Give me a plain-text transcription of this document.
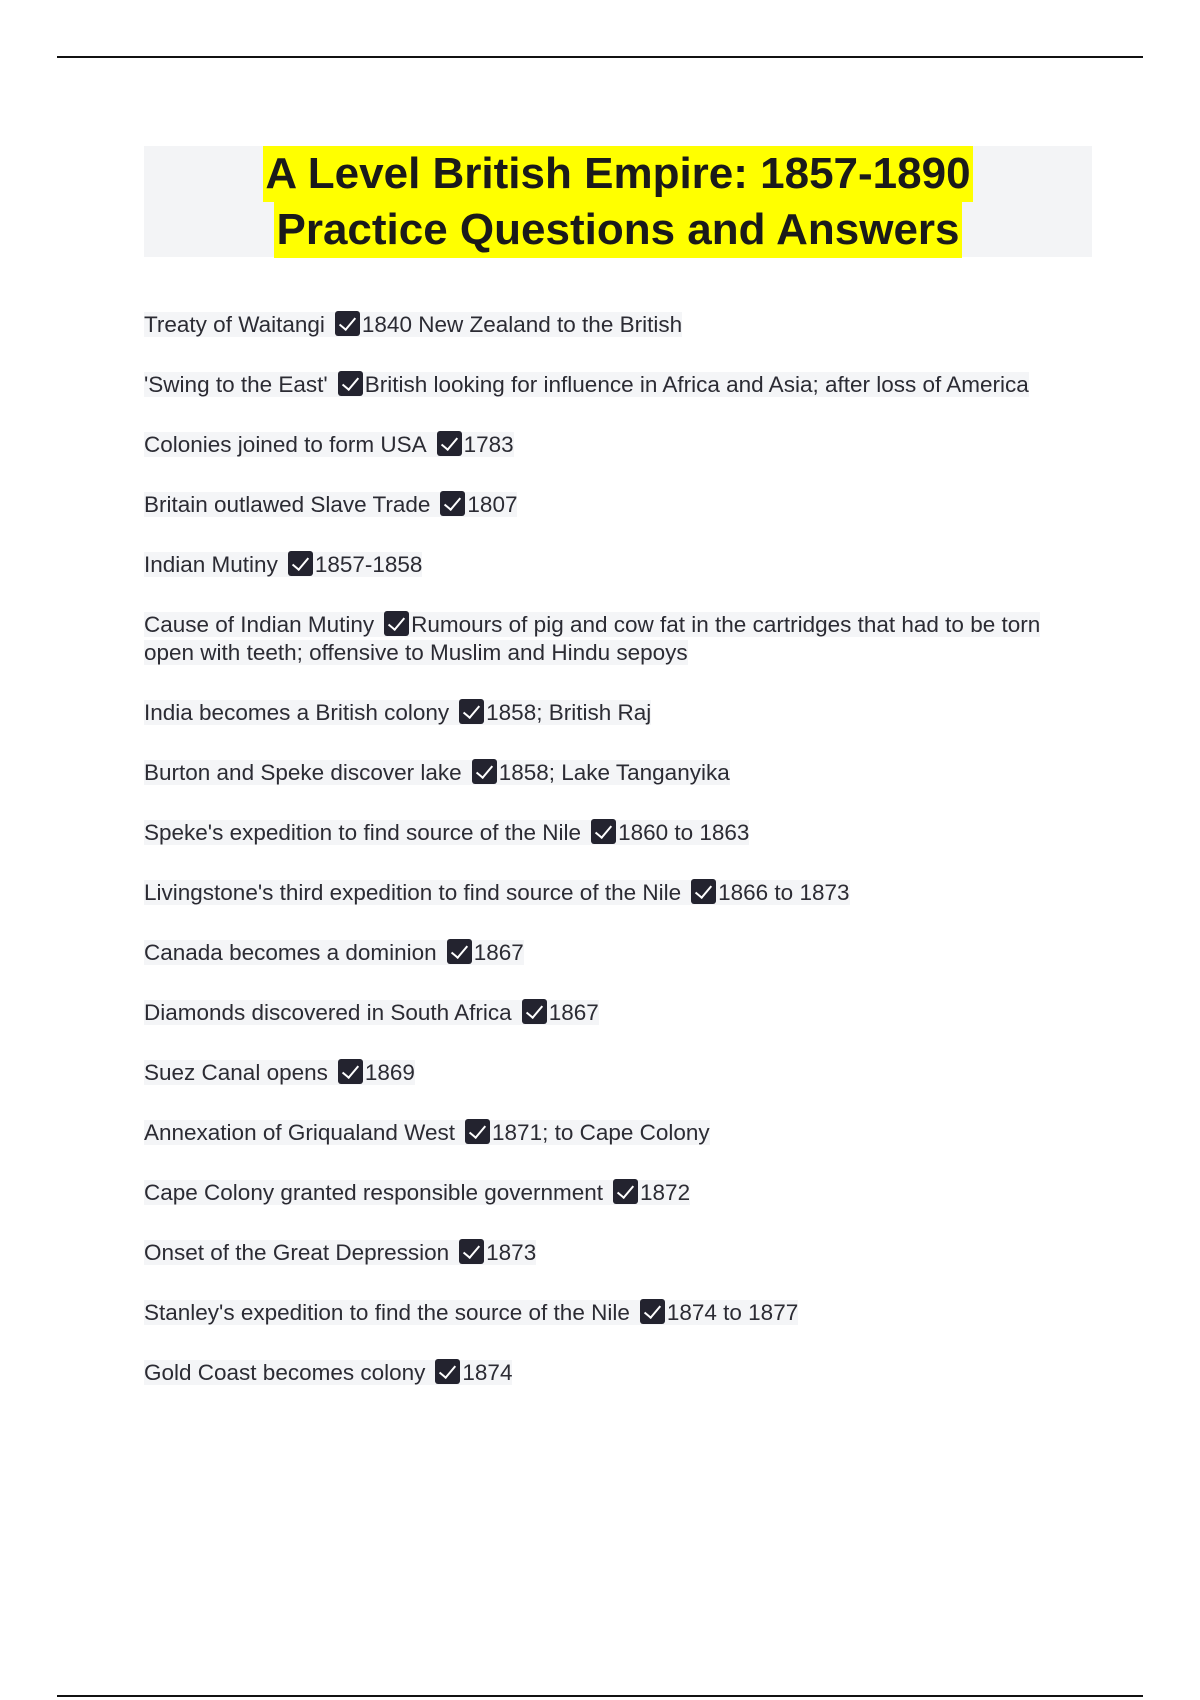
A Level British Empire: 1857-1890
Practice Questions and Answers
Treaty of Waitangi 1840 New Zealand to the British
'Swing to the East' British looking for influence in Africa and Asia; after loss of America
Colonies joined to form USA 1783
Britain outlawed Slave Trade 1807
Indian Mutiny 1857-1858
Cause of Indian Mutiny Rumours of pig and cow fat in the cartridges that had to be torn open with teeth; offensive to Muslim and Hindu sepoys
India becomes a British colony 1858; British Raj
Burton and Speke discover lake 1858; Lake Tanganyika
Speke's expedition to find source of the Nile 1860 to 1863
Livingstone's third expedition to find source of the Nile 1866 to 1873
Canada becomes a dominion 1867
Diamonds discovered in South Africa 1867
Suez Canal opens 1869
Annexation of Griqualand West 1871; to Cape Colony
Cape Colony granted responsible government 1872
Onset of the Great Depression 1873
Stanley's expedition to find the source of the Nile 1874 to 1877
Gold Coast becomes colony 1874
